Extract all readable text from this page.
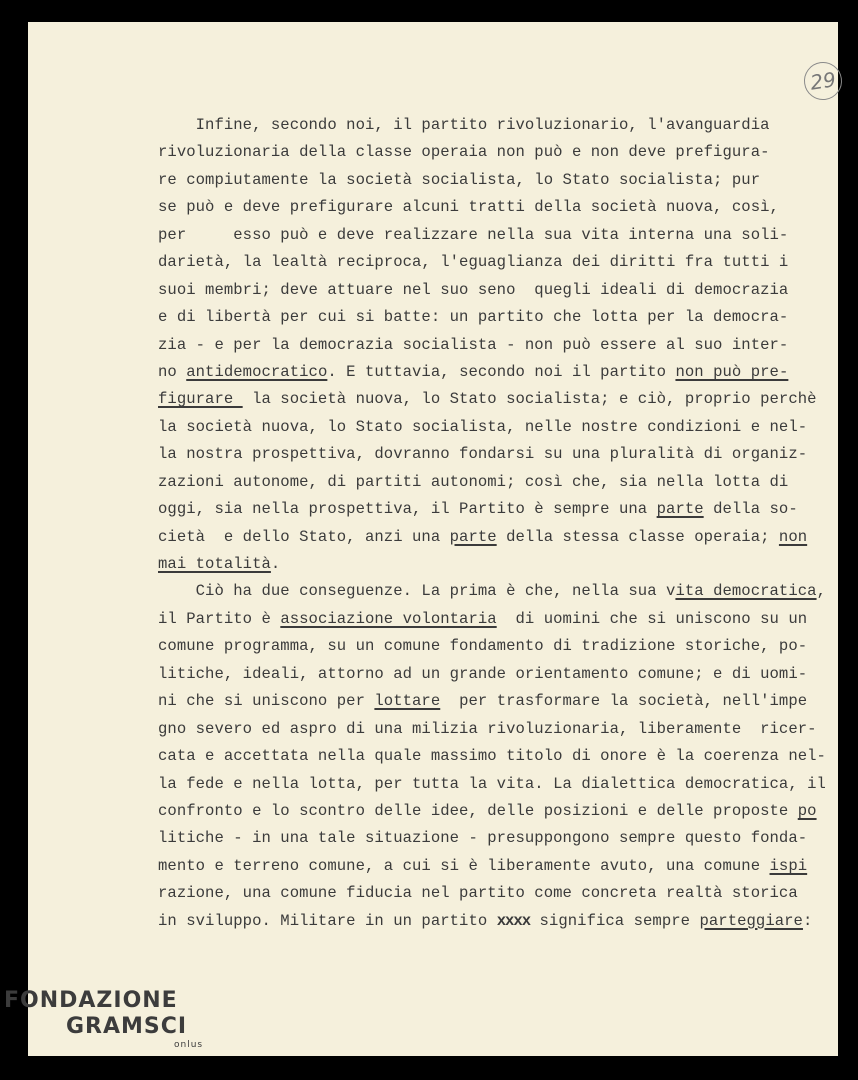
29
Infine, secondo noi, il partito rivoluzionario, l'avanguardia
rivoluzionaria della classe operaia non può e non deve prefigura-
re compiutamente la società socialista, lo Stato socialista; pur
se può e deve prefigurare alcuni tratti della società nuova, così,
per     esso può e deve realizzare nella sua vita interna una soli-
darietà, la lealtà reciproca, l'eguaglianza dei diritti fra tutti i
suoi membri; deve attuare nel suo seno  quegli ideali di democrazia
e di libertà per cui si batte: un partito che lotta per la democra-
zia - e per la democrazia socialista - non può essere al suo inter-
no antidemocratico. E tuttavia, secondo noi il partito non può pre-
figurare  la società nuova, lo Stato socialista; e ciò, proprio perchè
la società nuova, lo Stato socialista, nelle nostre condizioni e nel-
la nostra prospettiva, dovranno fondarsi su una pluralità di organiz-
zazioni autonome, di partiti autonomi; così che, sia nella lotta di
oggi, sia nella prospettiva, il Partito è sempre una parte della so-
cietà  e dello Stato, anzi una parte della stessa classe operaia; non
mai totalità.
Ciò ha due conseguenze. La prima è che, nella sua vita democratica,
il Partito è associazione volontaria  di uomini che si uniscono su un
comune programma, su un comune fondamento di tradizione storiche, po-
litiche, ideali, attorno ad un grande orientamento comune; e di uomi-
ni che si uniscono per lottare  per trasformare la società, nell'impe
gno severo ed aspro di una milizia rivoluzionaria, liberamente  ricer-
cata e accettata nella quale massimo titolo di onore è la coerenza nel-
la fede e nella lotta, per tutta la vita. La dialettica democratica, il
confronto e lo scontro delle idee, delle posizioni e delle proposte po
litiche - in una tale situazione - presuppongono sempre questo fonda-
mento e terreno comune, a cui si è liberamente avuto, una comune ispi
razione, una comune fiducia nel partito come concreta realtà storica
in sviluppo. Militare in un partito xxxx significa sempre parteggiare:
FONDAZIONE
GRAMSCI
onlus
